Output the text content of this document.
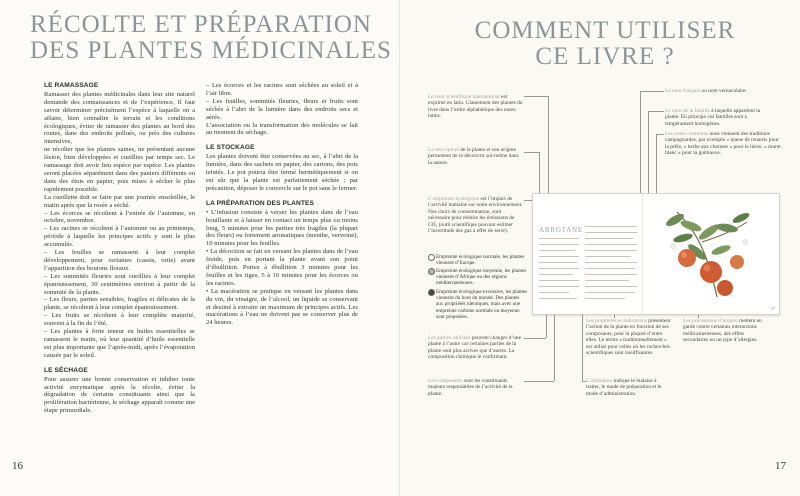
RÉCOLTE ET PRÉPARATION
DES PLANTES MÉDICINALES
LE RAMASSAGE

Ramasser des plantes médicinales dans leur site naturel demande des connaissances et de l’expérience. Il faut savoir déterminer précisément l’espèce à laquelle on a affaire, bien connaître le terrain et les conditions écologiques, éviter de ramasser des plantes au bord des routes, dans des endroits pollués, ou près des cultures intensives,

ne récolter que les plantes saines, ne présentant aucune lésion, bien développées et cueillies par temps sec. Le ramassage doit avoir lieu espèce par espèce. Les plantes seront placées séparément dans des paniers différents ou dans des étuis en papier, puis mises à sécher le plus rapidement possible.

La cueillette doit se faire par une journée ensoleillée, le matin après que la rosée a séché.

– Les écorces se récoltent à l’entrée de l’automne, en octobre, novembre.

– Les racines se récoltent à l’automne ou au printemps, période à laquelle les principes actifs y sont le plus accumulés.

– Les feuilles se ramassent à leur complet développement, pour certaines (cassis, ortie) avant l’apparition des boutons floraux.

– Les sommités fleuries sont cueillies à leur complet épanouissement, 30 centimètres environ à partir de la sommité de la plante.

– Les fleurs, parties sensibles, fragiles et délicates de la plante, se récoltent à leur complet épanouissement.

– Les fruits se récoltent à leur complète maturité, souvent à la fin de l’été.

– Les plantes à forte teneur en huiles essentielles se ramassent le matin, où leur quantité d’huile essentielle est plus importante que l’après-midi, après l’évaporation causée par le soleil.

LE SÉCHAGE

Pour assurer une bonne conservation et inhiber toute activité enzymatique après la récolte, éviter la dégradation de certains constituants ainsi que la prolifération bactérienne, le séchage apparaît comme une étape primordiale.

– Les écorces et les racines sont séchées au soleil et à l’air libre.

– Les feuilles, sommités fleuries, fleurs et fruits sont séchés à l’abri de la lumière dans des endroits secs et aérés.

L’association ou la transformation des molécules se fait au moment du séchage.

LE STOCKAGE

Les plantes doivent être conservées au sec, à l’abri de la lumière, dans des sachets en papier, des cartons, des pots teintés. Le pot pourra être fermé hermétiquement si on est sûr que la plante est parfaitement séchée ; par précaution, déposer le couvercle sur le pot sans le fermer.

LA PRÉPARATION DES PLANTES

• L’infusion consiste à verser les plantes dans de l’eau bouillante et à laisser en contact un temps plus ou moins long, 5 minutes pour les parties très fragiles (la plupart des fleurs) ou fortement aromatiques (menthe, verveine), 10 minutes pour les feuilles.

• La décoction se fait en versant les plantes dans de l’eau froide, puis en portant la plante avant son point d’ébullition. Portez à ébullition 3 minutes pour les feuilles et les tiges, 5 à 10 minutes pour les écorces ou les racines.

• La macération se pratique en versant les plantes dans du vin, du vinaigre, de l’alcool, un liquide se conservant et destiné à extraire un maximum de principes actifs. Les macérations à l’eau ne doivent pas se conserver plus de 24 heures.

16
COMMENT UTILISER
CE LIVRE ?
Le nom scientifique international est exprimé en latin. Classement des plantes du livre dans l’ordre alphabétique des noms latins.
La description de la plante et son origine permettent de la découvrir soi-même dans la nature.
L’empreinte écologique est l’impact de l’activité humaine sur notre environnement. Nos choix de consommation, sont nécessaire pour réduire les émissions de CO₂ (outil scientifique pouvant estimer l’incertitude des gaz à effet de serre).
Empreinte écologique normale, les plantes viennent d’Europe.
Empreinte écologique moyenne, les plantes viennent d’Afrique ou des régions méditerranéennes.
Empreinte écologique excessive, les plantes viennent du bout du monde. Des plantes aux propriétés identiques, mais avec une empreinte carbone normale ou moyenne sont proposées.
Les parties utilisées peuvent changer d’une plante à l’autre car certaines parties de la plante sont plus actives que d’autres. La composition chimique le confirmant.
Les composants sont les constituants majeurs responsables de l’activité de la plante.
Le nom français ou nom vernaculaire.
Le nom de la famille à laquelle appartient la plante. En principe ces familles sont à tempérament homogènes.
Les noms communs nous viennent des traditions campagnardes, par exemple « queue de renard» pour la prêle, « herbe aux charmes » pour le lierre, « muret blanc » pour la guimauve.
Les propriétés et indications présentent l’action de la plante en fonction de ses composants, pour la plupart d’entre elles. Le terme « traditionnellement » est utilisé pour celles où les recherches scientifiques sont insuffisantes.
Les précautions d’emploi mettent en garde contre certaines interactions médicamenteuses, des effets secondaires ou un type d’allergies.
L’utilisation indique le malaise à traiter, le mode de préparation et le mode d’administration.
ABROTANE
17
17
